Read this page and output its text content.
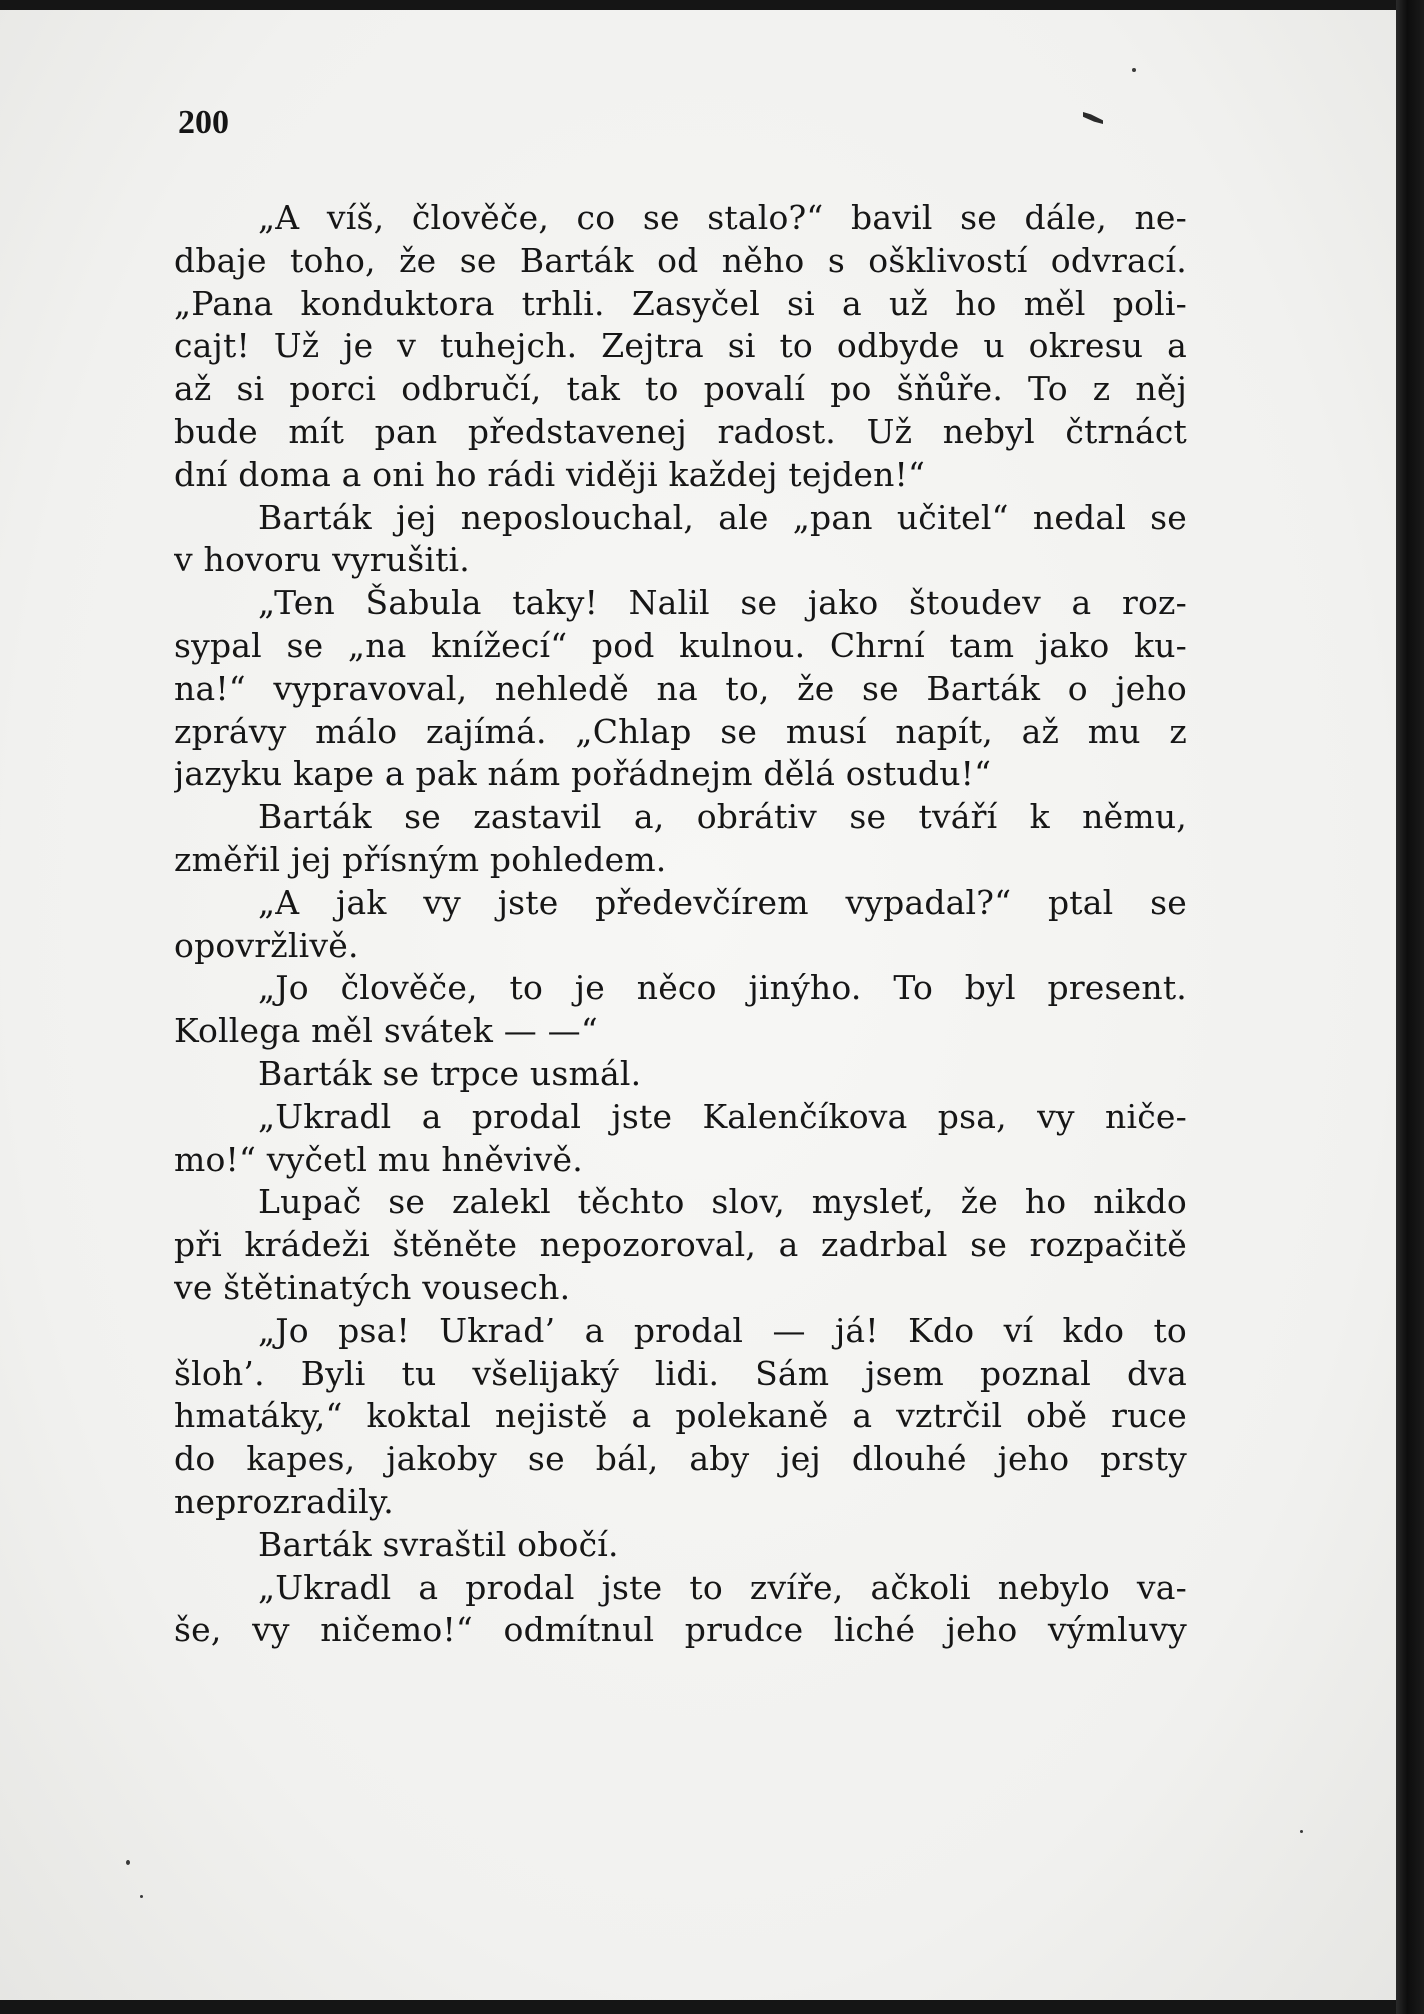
200
„A víš, člověče, co se stalo?“ bavil se dále, ne-
dbaje toho, že se Barták od něho s ošklivostí odvrací.
„Pana konduktora trhli. Zasyčel si a už ho měl poli-
cajt! Už je v tuhejch. Zejtra si to odbyde u okresu a
až si porci odbručí, tak to povalí po šňůře. To z něj
bude mít pan představenej radost. Už nebyl čtrnáct
dní doma a oni ho rádi viději každej tejden!“
Barták jej neposlouchal, ale „pan učitel“ nedal se
v hovoru vyrušiti.
„Ten Šabula taky! Nalil se jako štoudev a roz-
sypal se „na knížecí“ pod kulnou. Chrní tam jako ku-
na!“ vypravoval, nehledě na to, že se Barták o jeho
zprávy málo zajímá. „Chlap se musí napít, až mu z
jazyku kape a pak nám pořádnejm dělá ostudu!“
Barták se zastavil a, obrátiv se tváří k němu,
změřil jej přísným pohledem.
„A jak vy jste předevčírem vypadal?“ ptal se
opovržlivě.
„Jo člověče, to je něco jinýho. To byl present.
Kollega měl svátek — —“
Barták se trpce usmál.
„Ukradl a prodal jste Kalenčíkova psa, vy niče-
mo!“ vyčetl mu hněvivě.
Lupač se zalekl těchto slov, mysleť, že ho nikdo
při krádeži štěněte nepozoroval, a zadrbal se rozpačitě
ve štětinatých vousech.
„Jo psa! Ukrad’ a prodal — já! Kdo ví kdo to
šloh’. Byli tu všelijaký lidi. Sám jsem poznal dva
hmatáky,“ koktal nejistě a polekaně a vztrčil obě ruce
do kapes, jakoby se bál, aby jej dlouhé jeho prsty
neprozradily.
Barták svraštil obočí.
„Ukradl a prodal jste to zvíře, ačkoli nebylo va-
še, vy ničemo!“ odmítnul prudce liché jeho výmluvy
